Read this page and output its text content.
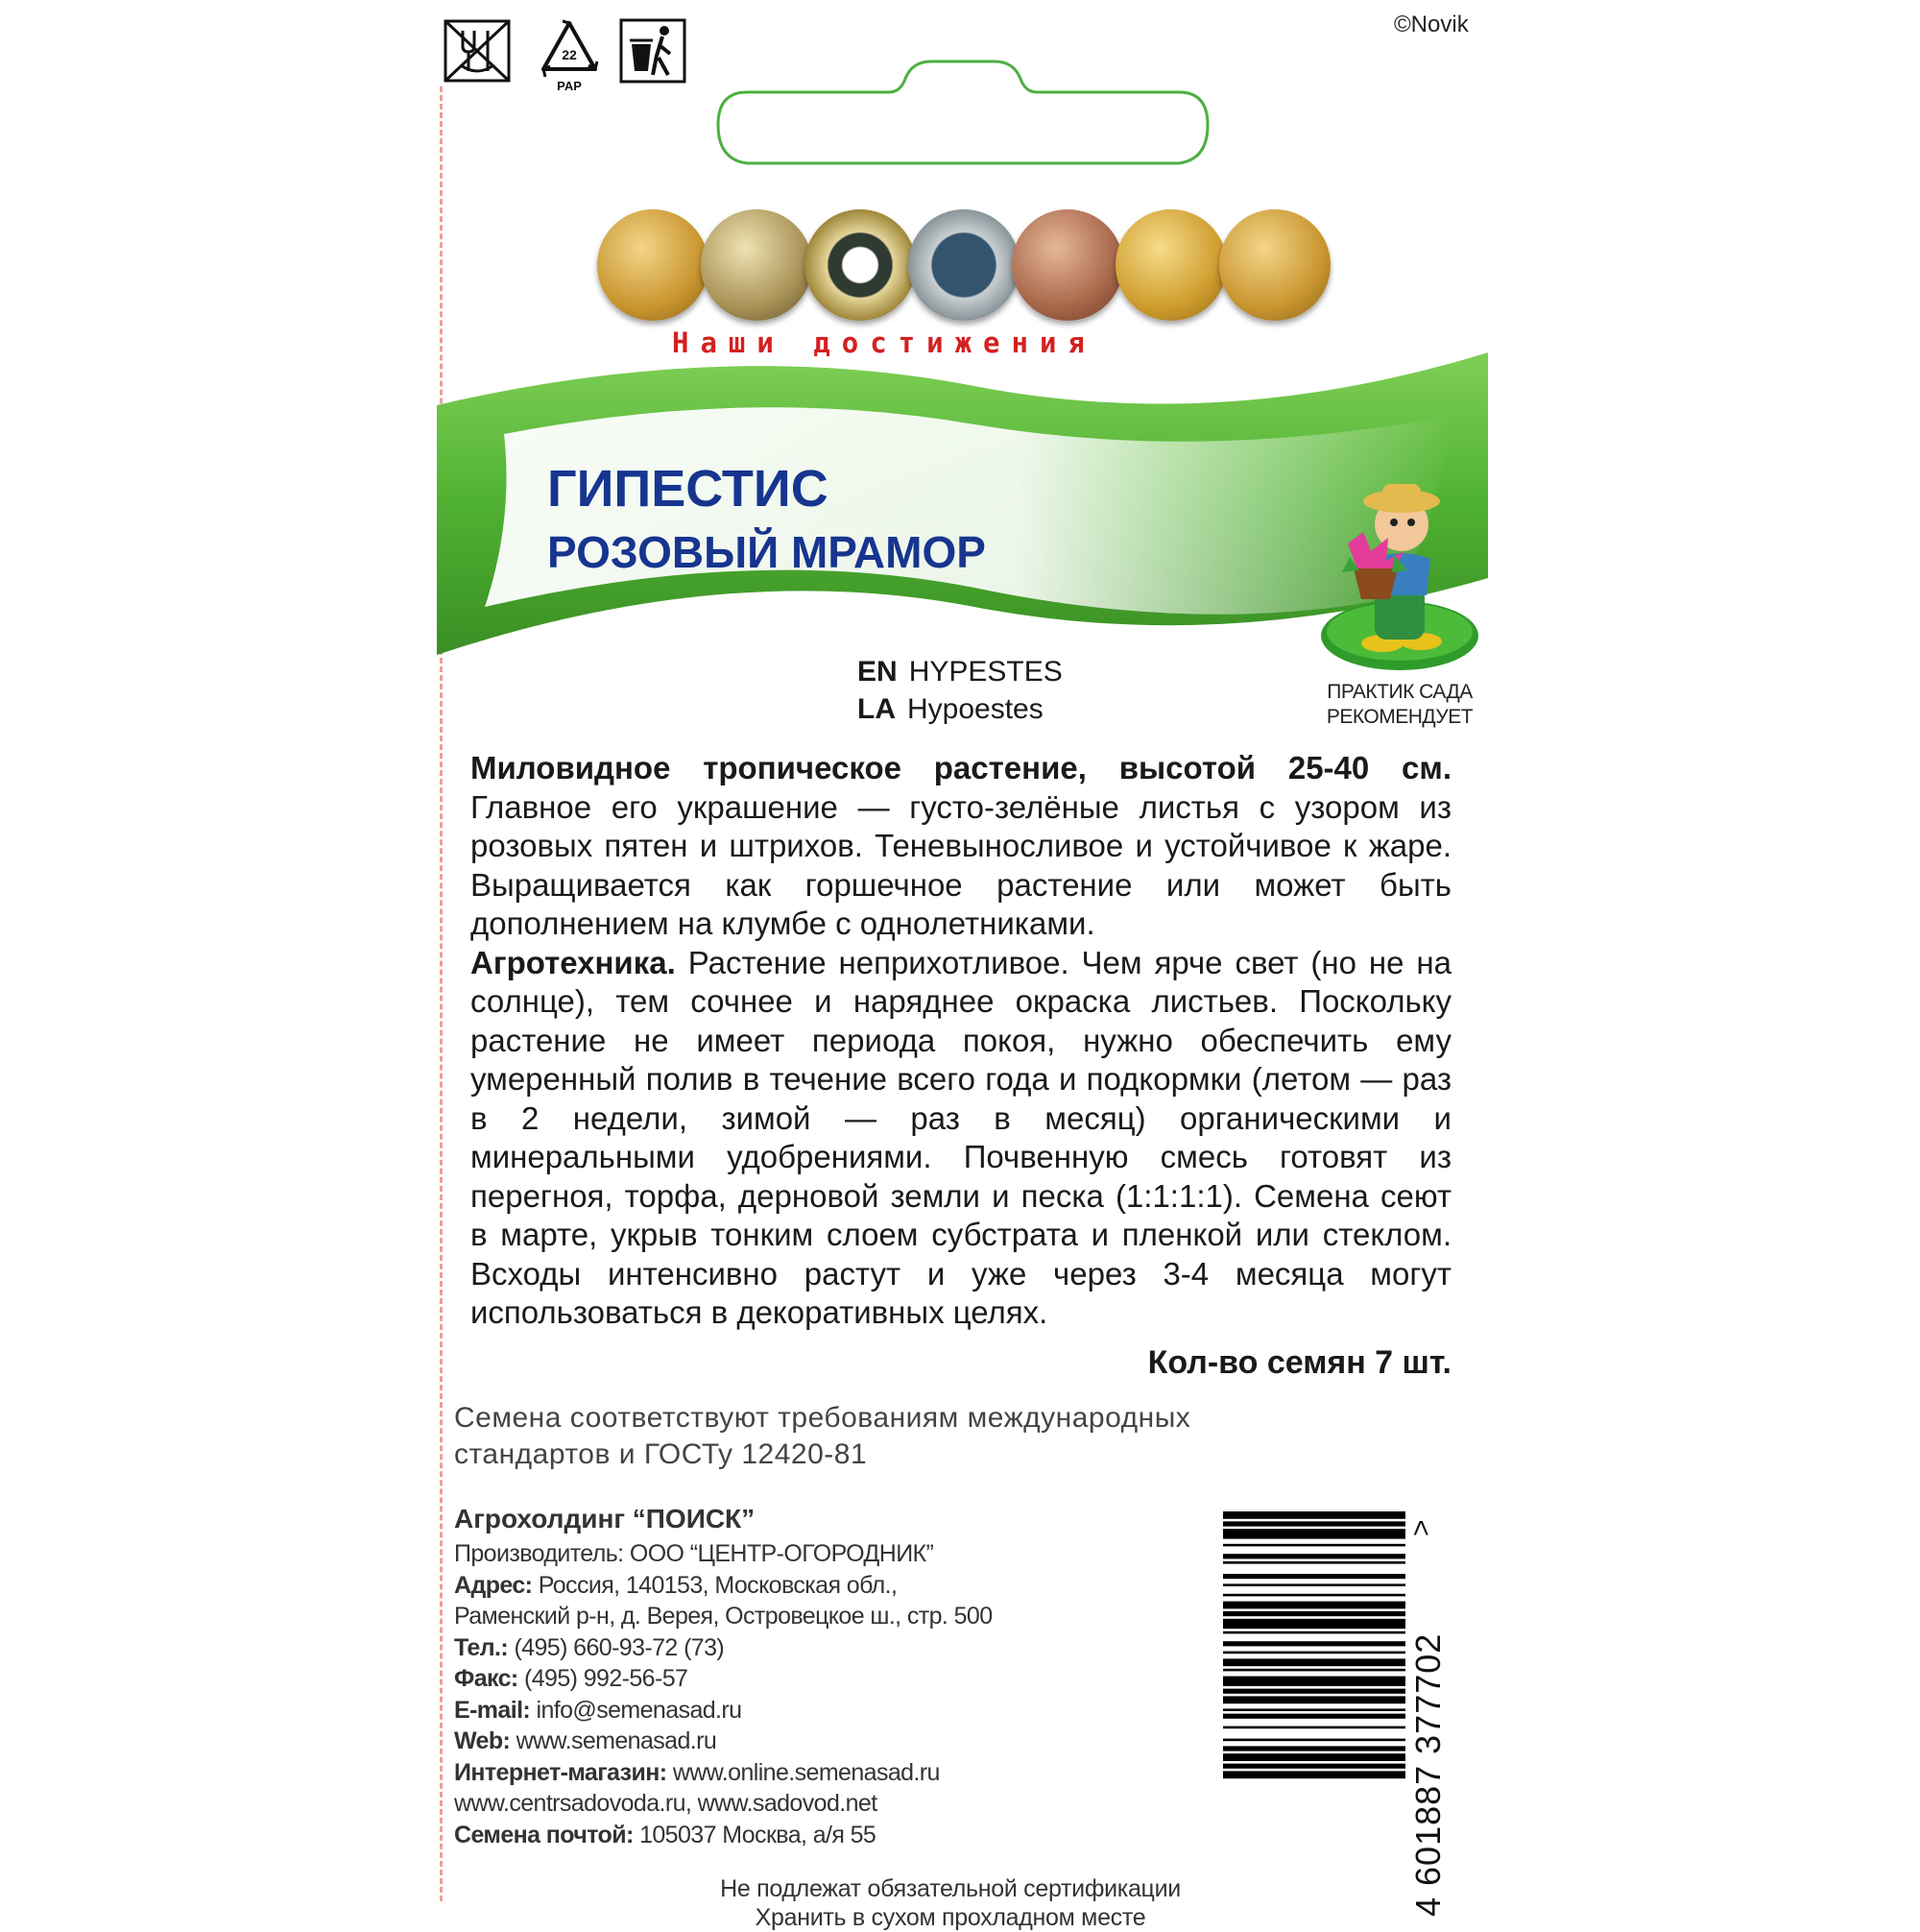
©Novik
22
PAP
Наши достижения
ГИПЕСТИС
РОЗОВЫЙ МРАМОР
ПРАКТИК САДА
РЕКОМЕНДУЕТ
EN HYPESTES
LA Hypoestes
Миловидное тропическое растение, высотой 25-40 см. Главное его украшение — густо-зелёные листья с узором из розовых пятен и штрихов. Теневыносливое и устойчивое к жаре. Выращивается как горшечное растение или может быть дополнением на клумбе с однолетниками.
Агротехника. Растение неприхотливое. Чем ярче свет (но не на солнце), тем сочнее и наряднее окраска листьев. Поскольку растение не имеет периода покоя, нужно обеспечить ему умеренный полив в течение всего года и подкормки (летом — раз в 2 недели, зимой — раз в месяц) органическими и минеральными удобрениями. Почвенную смесь готовят из перегноя, торфа, дерновой земли и песка (1:1:1:1). Семена сеют в марте, укрыв тонким слоем субстрата и пленкой или стеклом. Всходы интенсивно растут и уже через 3-4 месяца могут использоваться в декоративных целях.
Кол-во семян 7 шт.
Семена соответствуют требованиям международных
стандартов и ГОСТу 12420-81
Агрохолдинг “ПОИСК”
Производитель: ООО “ЦЕНТР-ОГОРОДНИК”
Адрес: Россия, 140153, Московская обл.,
Раменский р-н, д. Верея, Островецкое ш., стр. 500
Тел.: (495) 660-93-72 (73)
Факс: (495) 992-56-57
E-mail: info@semenasad.ru
Web: www.semenasad.ru
Интернет-магазин: www.online.semenasad.ru
www.centrsadovoda.ru, www.sadovod.net
Семена почтой: 105037 Москва, а/я 55
>
4 601887 377702
Не подлежат обязательной сертификации
Хранить в сухом прохладном месте
